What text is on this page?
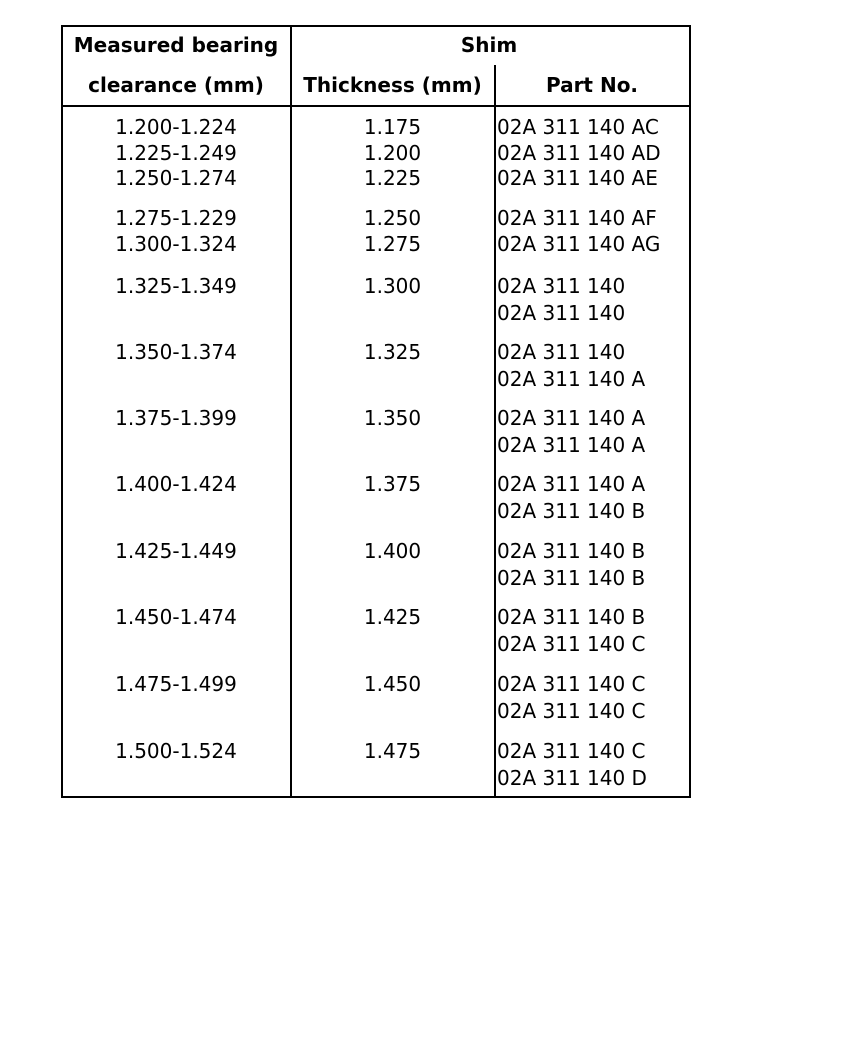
Measured bearing
clearance (mm)
Shim
Thickness (mm)	Part No.
1.200-1.224	1.175	02A 311 140 AC
1.225-1.249	1.200	02A 311 140 AD
1.250-1.274	1.225	02A 311 140 AE
1.275-1.229	1.250	02A 311 140 AF
1.300-1.324	1.275	02A 311 140 AG
1.325-1.349	1.300	02A 311 140
02A 311 140
1.350-1.374	1.325	02A 311 140
02A 311 140 A
1.375-1.399	1.350	02A 311 140 A
02A 311 140 A
1.400-1.424	1.375	02A 311 140 A
02A 311 140 B
1.425-1.449	1.400	02A 311 140 B
02A 311 140 B
1.450-1.474	1.425	02A 311 140 B
02A 311 140 C
1.475-1.499	1.450	02A 311 140 C
02A 311 140 C
1.500-1.524	1.475	02A 311 140 C
02A 311 140 D
